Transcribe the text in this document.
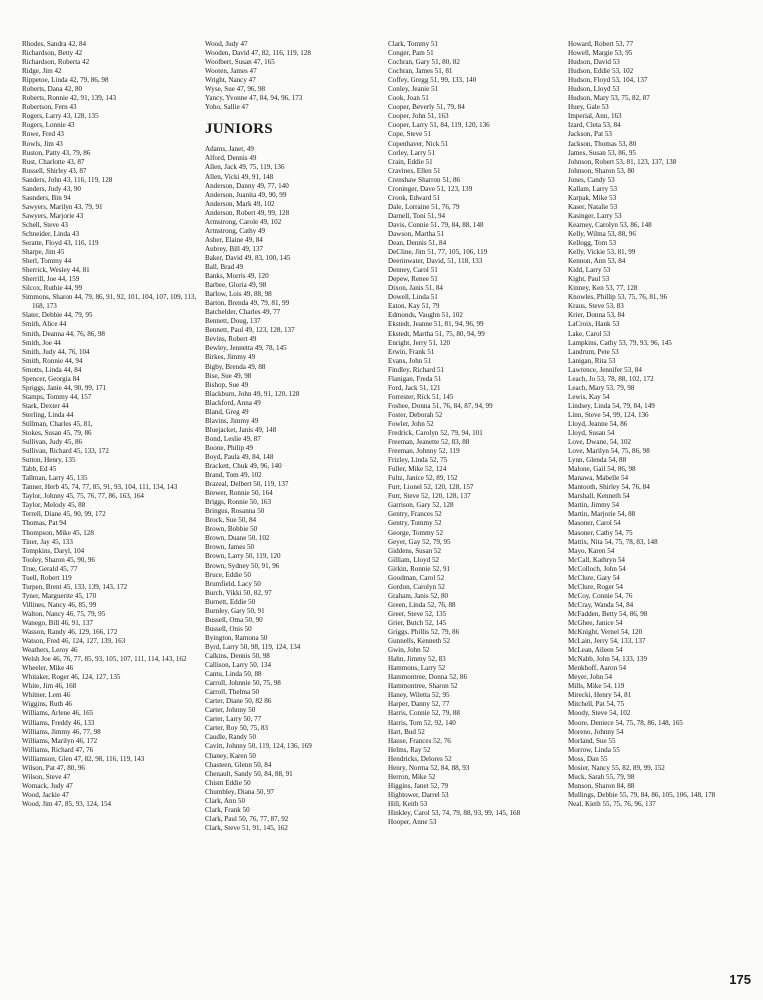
Rhodes, Sandra 42, 84
Richardson, Betty 42
Richardson, Roberta 42
Ridge, Jim 42
Rippetoe, Linda 42, 79, 86, 98
Roberts, Dana 42, 80
Roberts, Ronnie 42, 91, 139, 143
Robertson, Fern 43
Rogers, Larry 43, 128, 135
Rogers, Lonnie 43
Rowe, Fred 43
Rowls, Jim 43
Ruston, Patty 43, 79, 86
Rust, Charlotte 43, 87
Russell, Shirley 43, 87
Sanders, John 43, 116, 119, 128
Sanders, Judy 43, 90
Saunders, Bin 94
Sawyers, Marilyn 43, 79, 91
Sawyers, Marjorie 43
Schell, Steve 43
Schneider, Linda 43
Seratte, Floyd 43, 116, 119
Sharpe, Jim 45
Sherl, Tommy 44
Sherrick, Wesley 44, 81
Sherrill, Joe 44, 159
Silcox, Ruthie 44, 99
Simmons, Sharon 44, 79, 86, 91, 92, 101, 104, 107, 109, 113, 168, 173
Slater, Debbie 44, 79, 95
Smith, Alice 44
Smith, Deanna 44, 76, 86, 98
Smith, Joe 44
Smith, Judy 44, 76, 104
Smith, Ronnie 44, 94
Smotts, Linda 44, 84
Spencer, Georgia 84
Spriggs, Janie 44, 90, 99, 171
Stamps, Tommy 44, 157
Stark, Dexter 44
Sterling, Linda 44
Stillman, Charles 45, 81,
Stokes, Susan 45, 79, 86
Sullivan, Judy 45, 86
Sullivan, Richard 45, 133, 172
Sutton, Henry, 135
Tabb, Ed 45
Tallman, Larry 45, 135
Tanner, Herb 45, 74, 77, 85, 91, 93, 104, 111, 134, 143
Taylor, Johnny 45, 75, 76, 77, 86, 163, 164
Taylor, Melody 45, 88
Terrell, Diane 45, 90, 99, 172
Thomas, Pat 94
Thompson, Mike 45, 128
Tiner, Jay 45, 133
Tompkins, Daryl, 104
Tooley, Sharon 45, 90, 96
True, Gerald 45, 77
Tuell, Robert 119
Turpen, Brent 45, 133, 139, 143, 172
Tyner, Marguerite 45, 170
Villines, Nancy 46, 85, 99
Walton, Nancy 46, 75, 79, 95
Wanego, Bill 46, 91, 137
Wasson, Randy 46, 129, 166, 172
Watson, Fred 46, 124, 127, 139, 163
Weathers, Leroy 46
Welsh Joe 46, 76, 77, 85, 93, 105, 107, 111, 114, 143, 162
Wheeler, Mike 46
Whitaker, Roger 46, 124, 127, 135
White, Jim 46, 168
Whitner, Lem 46
Wiggins, Ruth 46
Williams, Arlene 46, 165
Williams, Freddy 46, 133
Williams, Jimmy 46, 77, 98
Williams, Marilyn 46, 172
Williams, Richard 47, 76
Williamson, Glen 47, 82, 98, 116, 119, 143
Wilson, Pat 47, 80, 96
Wilson, Steve 47
Womack, Judy 47
Wood, Jackie 47
Wood, Jim 47, 85, 93, 124, 154
Wood, Judy 47
Wooden, David 47, 82, 116, 119, 128
Woolbert, Susan 47, 165
Wooten, James 47
Wright, Nancy 47
Wyse, Sue 47, 96, 98
Yancy, Yvonne 47, 84, 94, 96, 173
Yoho, Sallie 47
JUNIORS
Adams, Janet, 49
Alford, Dennis 49
Allen, Jack 49, 75, 119, 136
Allen, Vicki 49, 91, 148
Anderson, Danny 49, 77, 140
Anderson, Juanita 49, 90, 99
Anderson, Mark 49, 102
Anderson, Robert 49, 99, 128
Armstrong, Carole 49, 102
Armstrong, Cathy 49
Asher, Elaine 49, 84
Aubrey, Bill 49, 137
Baker, David 49, 83, 100, 145
Ball, Brad 49
Banks, Morris 49, 120
Barbee, Gloria 49, 98
Barlow, Lois 49, 88, 98
Barton, Brenda 49, 79, 81, 99
Batchelder, Charles 49, 77
Bennett, Doug, 137
Bennett, Paul 49, 123, 128, 137
Bevins, Robert 49
Bewley, Jennetta 49, 78, 145
Birkes, Jimmy 49
Bigby, Brenda 49, 88
Bise, Sue 49, 98
Bishop, Sue 49
Blackburn, John 49, 91, 120, 128
Blackford, Anna 49
Bland, Greg 49
Blavins, Jimmy 49
Bluejacket, Janis 49, 148
Bond, Leslie 49, 87
Boone, Philip 49
Boyd, Paula 49, 84, 148
Brackett, Chuk 49, 96, 140
Brand, Tom 49, 102
Brazeal, Delbert 50, 119, 137
Brewer, Ronnie 50, 164
Briggs, Ronnie 50, 163
Bringus, Rosanna 50
Brock, Sue 50, 84
Brown, Bobbie 50
Brown, Duane 50, 102
Brown, James 50
Brown, Larry 50, 119, 120
Brown, Sydney 50, 91, 96
Bruce, Eddie 50
Brumfield, Lacy 50
Burch, Vikki 50, 82, 97
Burnett, Eddie 50
Burnley, Gary 50, 91
Bussell, Oma 50, 90
Bussell, Onis 50
Byington, Ramona 50
Byrd, Larry 50, 98, 119, 124, 134
Calkins, Dennis 50, 98
Callison, Larry 50, 134
Cantu, Linda 50, 88
Carroll, Johnnie 50, 75, 98
Carroll, Thelma 50
Carter, Diane 50, 82 86
Carter, Johnny 50
Carter, Larry 50, 77
Carter, Roy 50, 75, 83
Caudle, Randy 50
Cavitt, Johnny 50, 119, 124, 136, 169
Chaney, Karen 50
Chasteen, Glenn 50, 84
Chenault, Sandy 50, 84, 88, 91
Chism Eddie 50
Chumbley, Diana 50, 97
Clark, Ann 50
Clark, Frank 50
Clark, Paul 50, 76, 77, 87, 92
Clark, Steve 51, 91, 145, 162
Clark, Tommy 51
Conger, Pam 51
Cochran, Gary 51, 80, 82
Cochran, James 51, 81
Coffey, Gregg 51, 99, 133, 140
Conley, Jeanie 51
Cook, Joan 51
Cooper, Beverly 51, 79, 84
Cooper, John 51, 163
Cooper, Larry 51, 84, 119, 120, 136
Cope, Steve 51
Copenhaver, Nick 51
Corley, Larry 51
Crain, Eddie 51
Cravines, Ellen 51
Crenshaw Sharron 51, 86
Croninger, Dave 51, 123, 139
Crook, Edward 51
Dale, Lorraine 51, 76, 79
Darnell, Toni 51, 94
Davis, Connie 51, 79, 84, 88, 148
Dawson, Martha 51
Dean, Dennis 51, 84
DeCline, Jim 51, 77, 105, 106, 119
Deerinwater, David, 51, 118, 133
Denney, Carol 51
Depew, Renee 51
Dixon, Janis 51, 84
Dowell, Linda 51
Eaton, Kay 51, 79
Edmonds, Vaughn 51, 102
Ekstedt, Jeanne 51, 81, 94, 96, 99
Ekstedt, Martha 51, 75, 80, 94, 99
Enright, Jerry 51, 120
Erwin, Frank 51
Evans, John 51
Findley, Richard 51
Flanigan, Freda 51
Ford, Jack 51, 121
Forrester, Rick 51, 145
Foshee, Donna 51, 76, 84, 87, 94, 99
Foster, Deborah 52
Fowler, John 52
Fredrick, Carolyn 52, 79, 94, 101
Freeman, Jeanette 52, 83, 88
Freeman, Johnny 52, 119
Frizley, Linda 52, 75
Fuller, Mike 52, 124
Fultz, Janice 52, 89, 152
Furr, Lionel 52, 120, 128, 157
Furr, Steve 52, 120, 128, 137
Garrison, Gary 52, 128
Gentry, Frances 52
Gentry, Tommy 52
George, Tommy 52
Geyer, Gay 52, 79, 95
Giddens, Susan 52
Gilliam, Lloyd 52
Girkin, Ronnie 52, 91
Goodman, Carol 52
Gordon, Carolyn 52
Graham, Janis 52, 80
Green, Linda 52, 76, 88
Greer, Steve 52, 135
Grier, Butch 52, 145
Griggs, Phillis 52, 79, 86
Gunnells, Kenneth 52
Gwin, John 52
Hahn, Jimmy 52, 83
Hammons, Larry 52
Hammontree, Donna 52, 86
Hammontree, Sharon 52
Haney, Wiletta 52, 95
Harper, Danny 52, 77
Harris, Connie 52, 79, 88
Harris, Tom 52, 92, 140
Hart, Bud 52
Hause, Frances 52, 76
Helms, Ray 52
Hendricks, Delores 52
Henry, Norma 52, 84, 88, 93
Herron, Mike 52
Higgins, Janet 52, 79
Hightower, Darrel 53
Hill, Keith 53
Hinkley, Carol 53, 74, 79, 88, 93, 99, 145, 168
Hooper, Anne 53
Howard, Robert 53, 77
Howell, Margie 53, 95
Hudson, David 53
Hudson, Eddie 53, 102
Hudson, Floyd 53, 104, 137
Hudson, Lloyd 53
Hudson, Mary 53, 75, 82, 87
Huey, Gale 53
Imperial, Ann, 163
Izard, Cleta 53, 84
Jackson, Pat 53
Jackson, Thomas 53, 80
James, Susan 53, 86, 95
Johnson, Robert 53, 81, 123, 137, 138
Johnson, Sharon 53, 80
Jones, Candy 53
Kallam, Larry 53
Karpak, Mike 53
Kaser, Natalie 53
Kasinger, Larry 53
Kearney, Carolyn 53, 86, 148
Kelly, Wilma 53, 88, 96
Kellogg, Tom 53
Kelly, Vickie 53, 81, 99
Kennon, Ann 53, 84
Kidd, Larry 53
Kight, Paul 53
Kinney, Ken 53, 77, 128
Knowles, Phillip 53, 75, 76, 81, 96
Kraus, Steve 53, 83
Krier, Donna 53, 84
LaCroix, Hank 53
Lake, Carol 53
Lampkins, Cathy 53, 79, 93, 96, 145
Landrum, Pete 53
Lanigan, Rita 53
Lawrence, Jennifer 53, 84
Leach, Jo 53, 78, 88, 102, 172
Leach, Mary 53, 79, 98
Lewis, Kay 54
Lindsey, Linda 54, 79, 84, 149
Linn, Steve 54, 99, 124, 136
Lloyd, Jeanne 54, 86
Lloyd, Susan 54
Love, Dwane, 54, 102
Love, Marilyn 54, 75, 86, 98
Lynn, Glenda 54, 88
Malone, Gail 54, 86, 98
Manawa, Mabelle 54
Mantooth, Shirley 54, 76, 84
Marshall, Kenneth 54
Martin, Jimmy 54
Martin, Marjorie 54, 88
Masoner, Carol 54
Masoner, Cathy 54, 75
Mattix, Nita 54, 75, 78, 83, 148
Mayo, Karen 54
McCall, Kathryn 54
McColloch, John 54
McClure, Gary 54
McClure, Roger 54
McCoy, Connie 54, 76
McCray, Wanda 54, 84
McFadden, Betty 54, 86, 98
McGhee, Janice 54
McKnight, Vernel 54, 120
McLain, Jerry 54, 133, 137
McLean, Aileen 54
McNabb, John 54, 133, 139
Menkhoff, Aaron 54
Meyer, John 54
Mills, Mike 54, 119
Mirecki, Henry 54, 81
Mitchell, Pat 54, 75
Moody, Steve 54, 102
Moore, Deniece 54, 75, 78, 86, 148, 165
Moreno, Johnny 54
Morland, Sue 55
Morrow, Linda 55
Moss, Dan 55
Mosier, Nancy 55, 82, 89, 99, 152
Muck, Sarah 55, 79, 98
Munson, Sharon 84, 88
Mullings, Debbie 55, 79, 84, 86, 105, 106, 148, 178
Neal, Kieth 55, 75, 76, 96, 137
175
